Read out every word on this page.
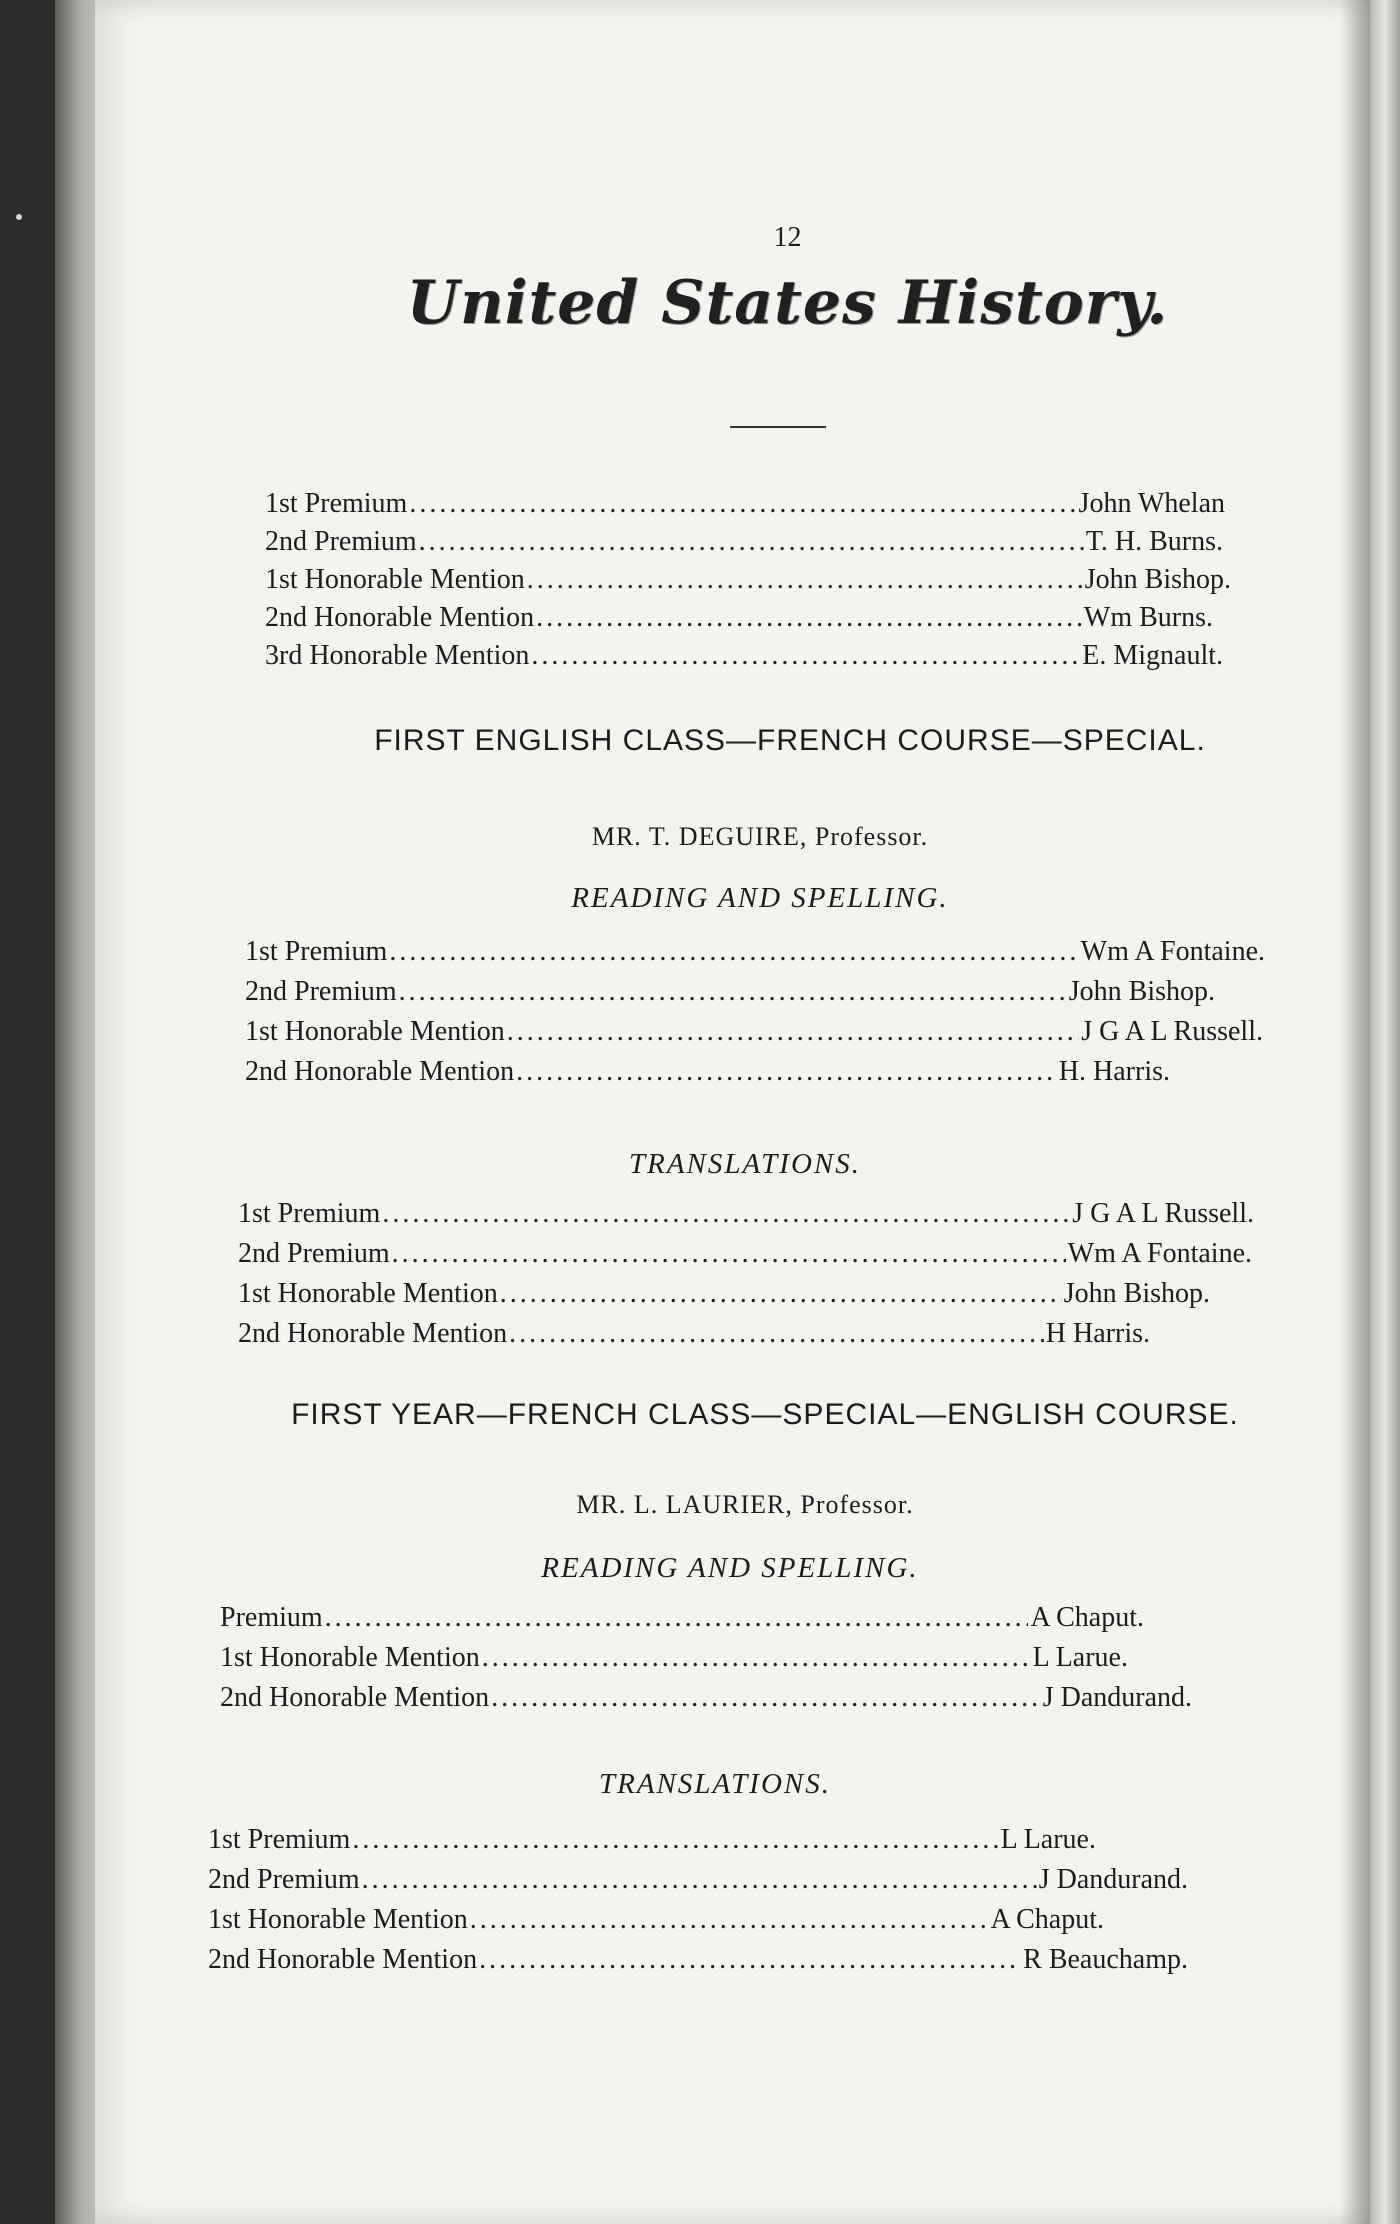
12
United States History.
1st Premium .....	John Whelan
2nd Premium .....	T. H. Burns.
1st Honorable Mention .....	John Bishop.
2nd Honorable Mention .....	Wm Burns.
3rd Honorable Mention .....	E. Mignault.
FIRST ENGLISH CLASS—FRENCH COURSE—SPECIAL.
MR. T. DEGUIRE, Professor.
READING AND SPELLING.
1st Premium .....	Wm A Fontaine.
2nd Premium .....	John Bishop.
1st Honorable Mention .....	J G A L Russell.
2nd Honorable Mention .....	H. Harris.
TRANSLATIONS.
1st Premium .....	J G A L Russell.
2nd Premium .....	Wm A Fontaine.
1st Honorable Mention .....	John Bishop.
2nd Honorable Mention .....	H Harris.
FIRST YEAR—FRENCH CLASS—SPECIAL—ENGLISH COURSE.
MR. L. LAURIER, Professor.
READING AND SPELLING.
Premium .....	A Chaput.
1st Honorable Mention .....	L Larue.
2nd Honorable Mention .....	J Dandurand.
TRANSLATIONS.
1st Premium .....	L Larue.
2nd Premium .....	J Dandurand.
1st Honorable Mention .....	A Chaput.
2nd Honorable Mention .....	R Beauchamp.
